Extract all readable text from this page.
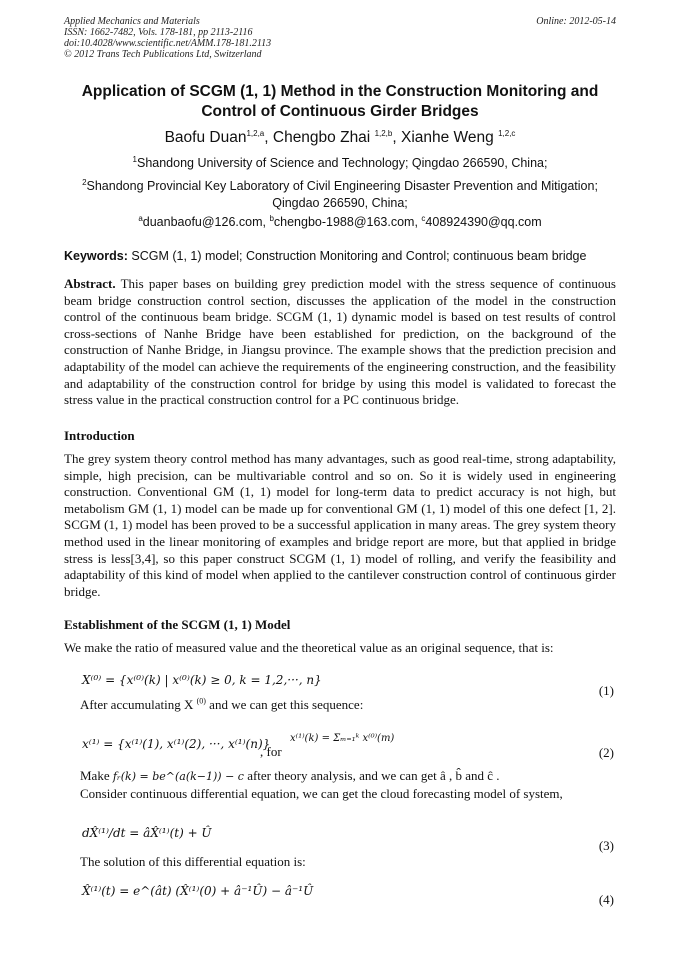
Applied Mechanics and Materials
ISSN: 1662-7482, Vols. 178-181, pp 2113-2116
doi:10.4028/www.scientific.net/AMM.178-181.2113
© 2012 Trans Tech Publications Ltd, Switzerland
Online: 2012-05-14
Application of SCGM (1, 1) Method in the Construction Monitoring and
Control of Continuous Girder Bridges
Baofu Duan$^{1,2,a}$, Chengbo Zhai $^{1,2,b}$, Xianhe Weng $^{1,2,c}$
$^1$Shandong University of Science and Technology; Qingdao 266590, China;
$^2$Shandong Provincial Key Laboratory of Civil Engineering Disaster Prevention and Mitigation;
Qingdao 266590, China;
$^a$duanbaofu@126.com, $^b$chengbo-1988@163.com, $^c$408924390@qq.com
Keywords: SCGM (1, 1) model; Construction Monitoring and Control; continuous beam bridge
Abstract. This paper bases on building grey prediction model with the stress sequence of continuous beam bridge construction control section, discusses the application of the model in the construction control of the continuous beam bridge. SCGM (1, 1) dynamic model is based on test results of control cross-sections of Nanhe Bridge have been established for prediction, on the background of the construction of Nanhe Bridge, in Jiangsu province. The example shows that the prediction precision and adaptability of the model can achieve the requirements of the engineering construction, and the feasibility and adaptability of the construction control for bridge by using this model is validated to forecast the stress value in the practical construction control for a PC continuous bridge.
Introduction
The grey system theory control method has many advantages, such as good real-time, strong adaptability, simple, high precision, can be multivariable control and so on. So it is widely used in engineering construction. Conventional GM (1, 1) model for long-term data to predict accuracy is not high, but metabolism GM (1, 1) model can be made up for conventional GM (1, 1) model of this one defect [1, 2]. SCGM (1, 1) model has been proved to be a successful application in many areas. The grey system theory method used in the linear monitoring of examples and bridge report are more, but that applied in bridge stress is less[3,4], so this paper construct SCGM (1, 1) model of rolling, and verify the feasibility and adaptability of this kind of model when applied to the cantilever construction control of continuous girder bridge.
Establishment of the SCGM (1, 1) Model
We make the ratio of measured value and the theoretical value as an original sequence, that is:
X⁽⁰⁾ = {x⁽⁰⁾(k) | x⁽⁰⁾(k) ≥ 0, k = 1,2,···, n}
(1)
After accumulating X $^{(0)}$ and we can get this sequence:
x⁽¹⁾ = {x⁽¹⁾(1), x⁽¹⁾(2), ···, x⁽¹⁾(n)}
, for
x⁽¹⁾(k) = Σₘ₌₁ᵏ x⁽⁰⁾(m)
(2)
Make fᵣ(k) = be^(a(k−1)) − c after theory analysis, and we can get â , b̂ and ĉ .
Consider continuous differential equation, we can get the cloud forecasting model of system,
dX̂⁽¹⁾/dt = âX̂⁽¹⁾(t) + Û
(3)
The solution of this differential equation is:
X̂⁽¹⁾(t) = e^(ât) (X̂⁽¹⁾(0) + â⁻¹Û) − â⁻¹Û
(4)
